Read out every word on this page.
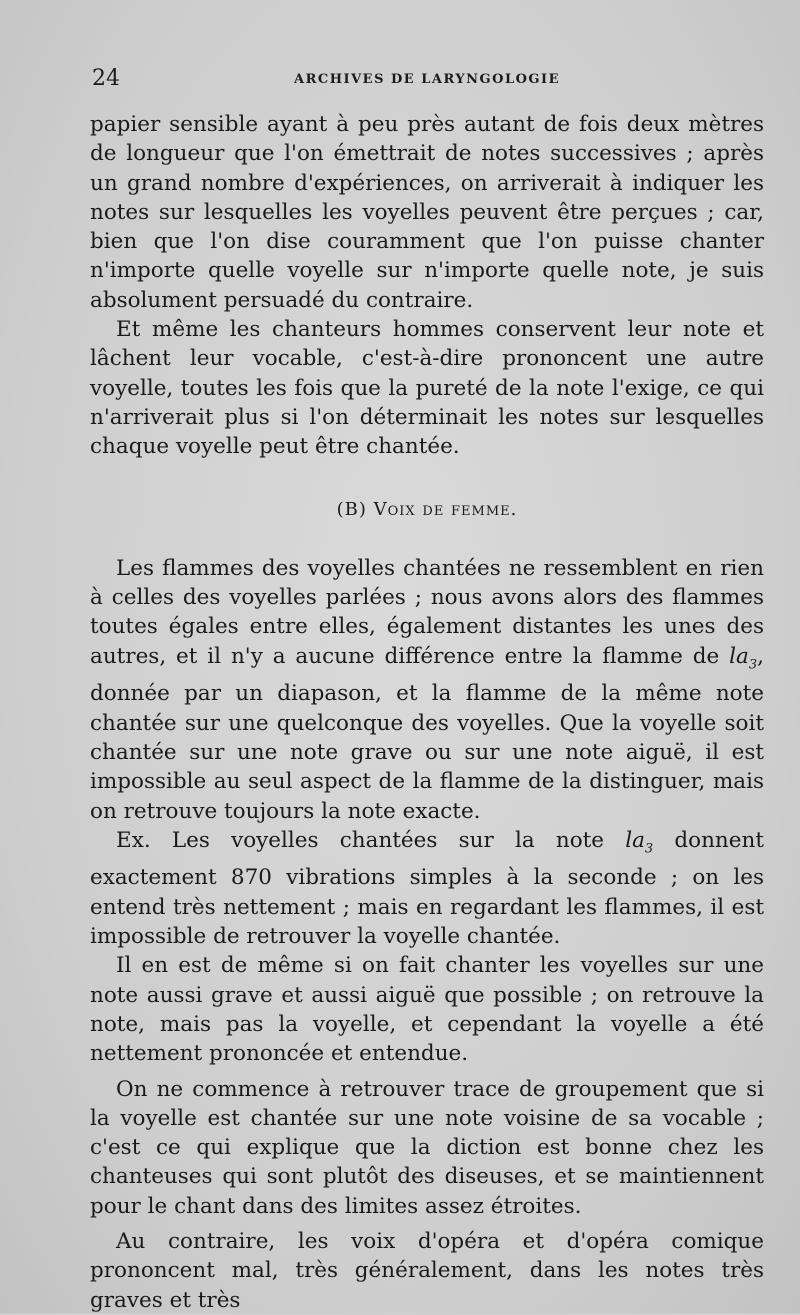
24	ARCHIVES DE LARYNGOLOGIE

papier sensible ayant à peu près autant de fois deux mètres de longueur que l'on émettrait de notes successives ; après un grand nombre d'expériences, on arriverait à indiquer les notes sur lesquelles les voyelles peuvent être perçues ; car, bien que l'on dise couramment que l'on puisse chanter n'importe quelle voyelle sur n'importe quelle note, je suis absolument persuadé du contraire.

Et même les chanteurs hommes conservent leur note et lâchent leur vocable, c'est-à-dire prononcent une autre voyelle, toutes les fois que la pureté de la note l'exige, ce qui n'arriverait plus si l'on déterminait les notes sur lesquelles chaque voyelle peut être chantée.

(B) Voix de femme.

Les flammes des voyelles chantées ne ressemblent en rien à celles des voyelles parlées ; nous avons alors des flammes toutes égales entre elles, également distantes les unes des autres, et il n'y a aucune différence entre la flamme de $la_3$, donnée par un diapason, et la flamme de la même note chantée sur une quelconque des voyelles. Que la voyelle soit chantée sur une note grave ou sur une note aiguë, il est impossible au seul aspect de la flamme de la distinguer, mais on retrouve toujours la note exacte.

Ex. Les voyelles chantées sur la note $la_3$ donnent exactement 870 vibrations simples à la seconde ; on les entend très nettement ; mais en regardant les flammes, il est impossible de retrouver la voyelle chantée.

Il en est de même si on fait chanter les voyelles sur une note aussi grave et aussi aiguë que possible ; on retrouve la note, mais pas la voyelle, et cependant la voyelle a été nettement prononcée et entendue.

On ne commence à retrouver trace de groupement que si la voyelle est chantée sur une note voisine de sa vocable ; c'est ce qui explique que la diction est bonne chez les chanteuses qui sont plutôt des diseuses, et se maintiennent pour le chant dans des limites assez étroites.

Au contraire, les voix d'opéra et d'opéra comique prononcent mal, très généralement, dans les notes très graves et très
